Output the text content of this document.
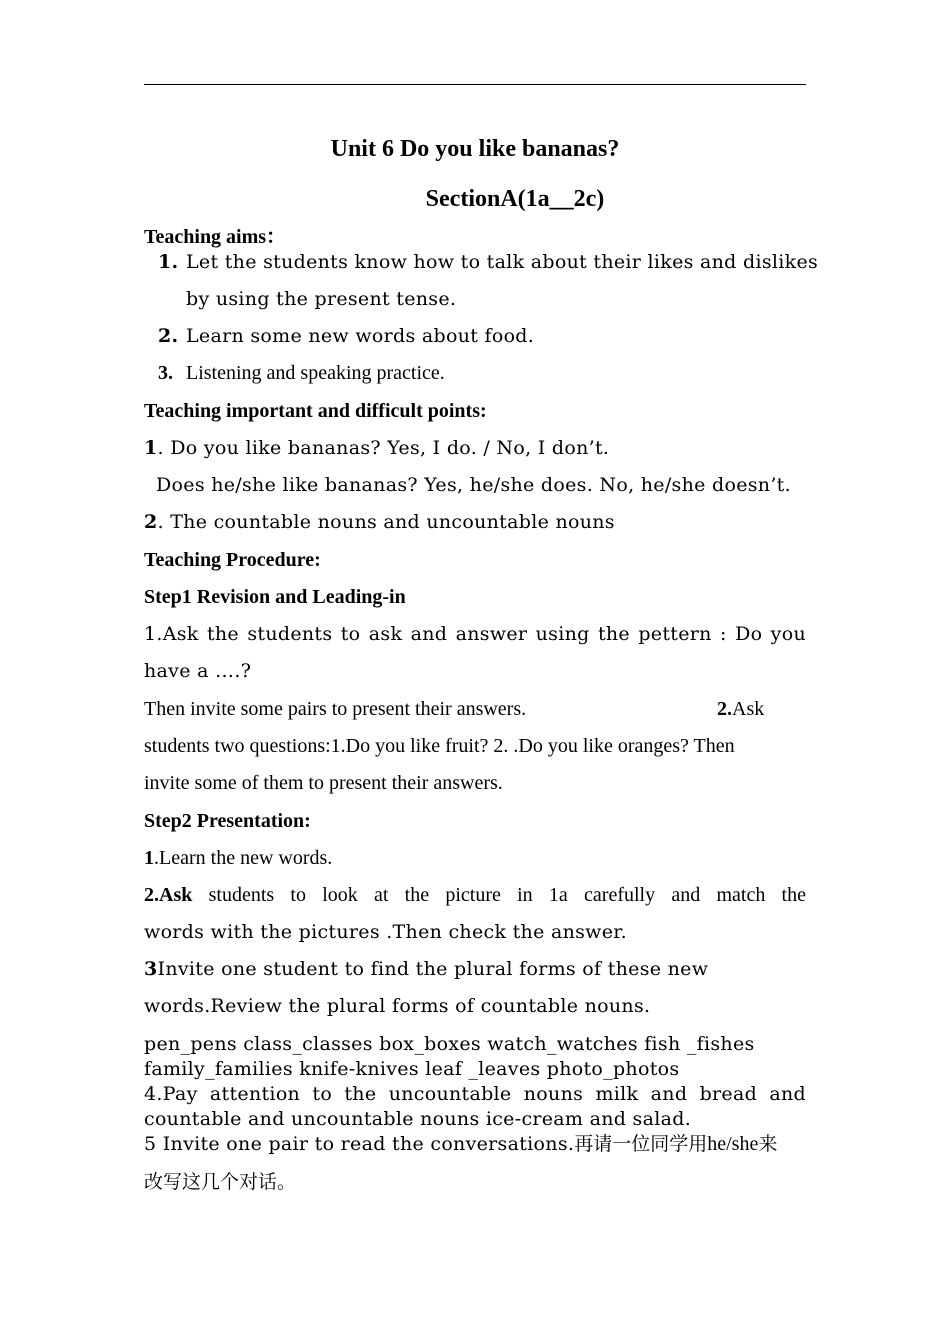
Unit 6 Do you like bananas?
SectionA(1a__2c)
Teaching aims：
1. Let the students know how to talk about their likes and dislikes
by using the present tense.
2. Learn some new words about food.
3. Listening and speaking practice.
Teaching important and difficult points:
1. Do you like bananas? Yes, I do. / No, I don’t.
Does he/she like bananas? Yes, he/she does. No, he/she doesn’t.
2. The countable nouns and uncountable nouns
Teaching Procedure:
Step1 Revision and Leading-in
1.Ask the students to ask and answer using the pettern : Do you
have a ….?
Then invite some pairs to present their answers.	2.Ask
students two questions:1.Do you like fruit? 2. .Do you like oranges? Then
invite some of them to present their answers.
Step2 Presentation:
1.Learn the new words.
2.Ask students to look at the picture in 1a carefully and match the
words with the pictures .Then check the answer.
3Invite one student to find the plural forms of these new
words.Review the plural forms of countable nouns.
pen_pens class_classes box_boxes watch_watches fish _fishes
family_families knife-knives leaf _leaves photo_photos
4.Pay attention to the uncountable nouns milk and bread and
countable and uncountable nouns ice-cream and salad.
5 Invite one pair to read the conversations.再请一位同学用he/she来
改写这几个对话。
